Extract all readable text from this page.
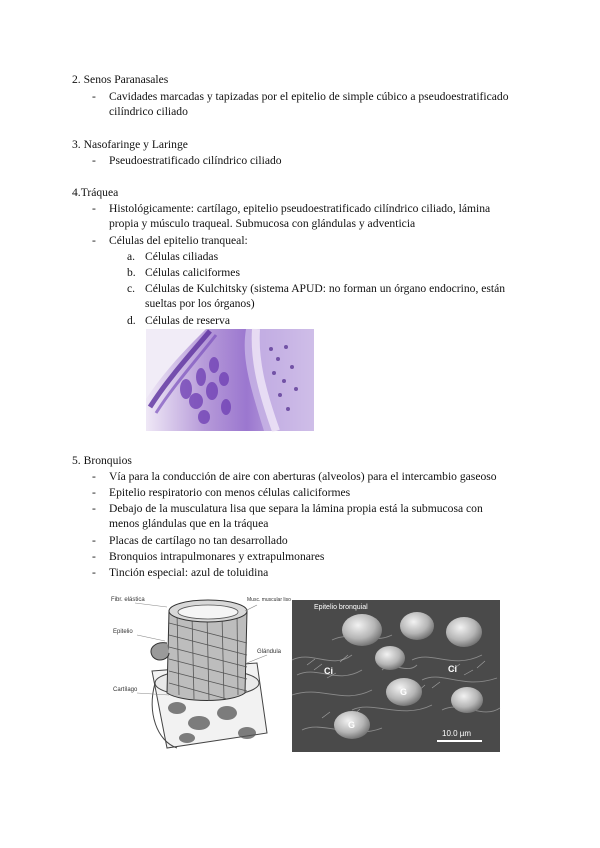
2. Senos Paranasales
-	Cavidades marcadas y tapizadas por el epitelio de simple cúbico a pseudoestratificado
cilíndrico ciliado
3. Nasofaringe y Laringe
-	Pseudoestratificado cilíndrico ciliado
4.Tráquea
-	Histológicamente: cartílago, epitelio pseudoestratificado cilíndrico ciliado, lámina
propia y músculo traqueal. Submucosa con glándulas y adventicia
-	Células del epitelio tranqueal:
a. Células ciliadas
b. Células caliciformes
c. Células de Kulchitsky (sistema APUD: no forman un órgano endocrino, están
sueltas por los órganos)
d. Células de reserva
5. Bronquios
-	Vía para la conducción de aire con aberturas (alveolos) para el intercambio gaseoso
-	Epitelio respiratorio con menos células caliciformes
-	Debajo de la musculatura lisa que separa la lámina propia está la submucosa con
menos glándulas que en la tráquea
-	Placas de cartílago no tan desarrollado
-	Bronquios intrapulmonares y extrapulmonares
-	Tinción especial: azul de toluidina
Fibr. elástica	Musc. muscular liso
Epitelio
Glándula
Cartílago
Epitelio bronquial
Ci	Ci
G
G
10.0 µm
